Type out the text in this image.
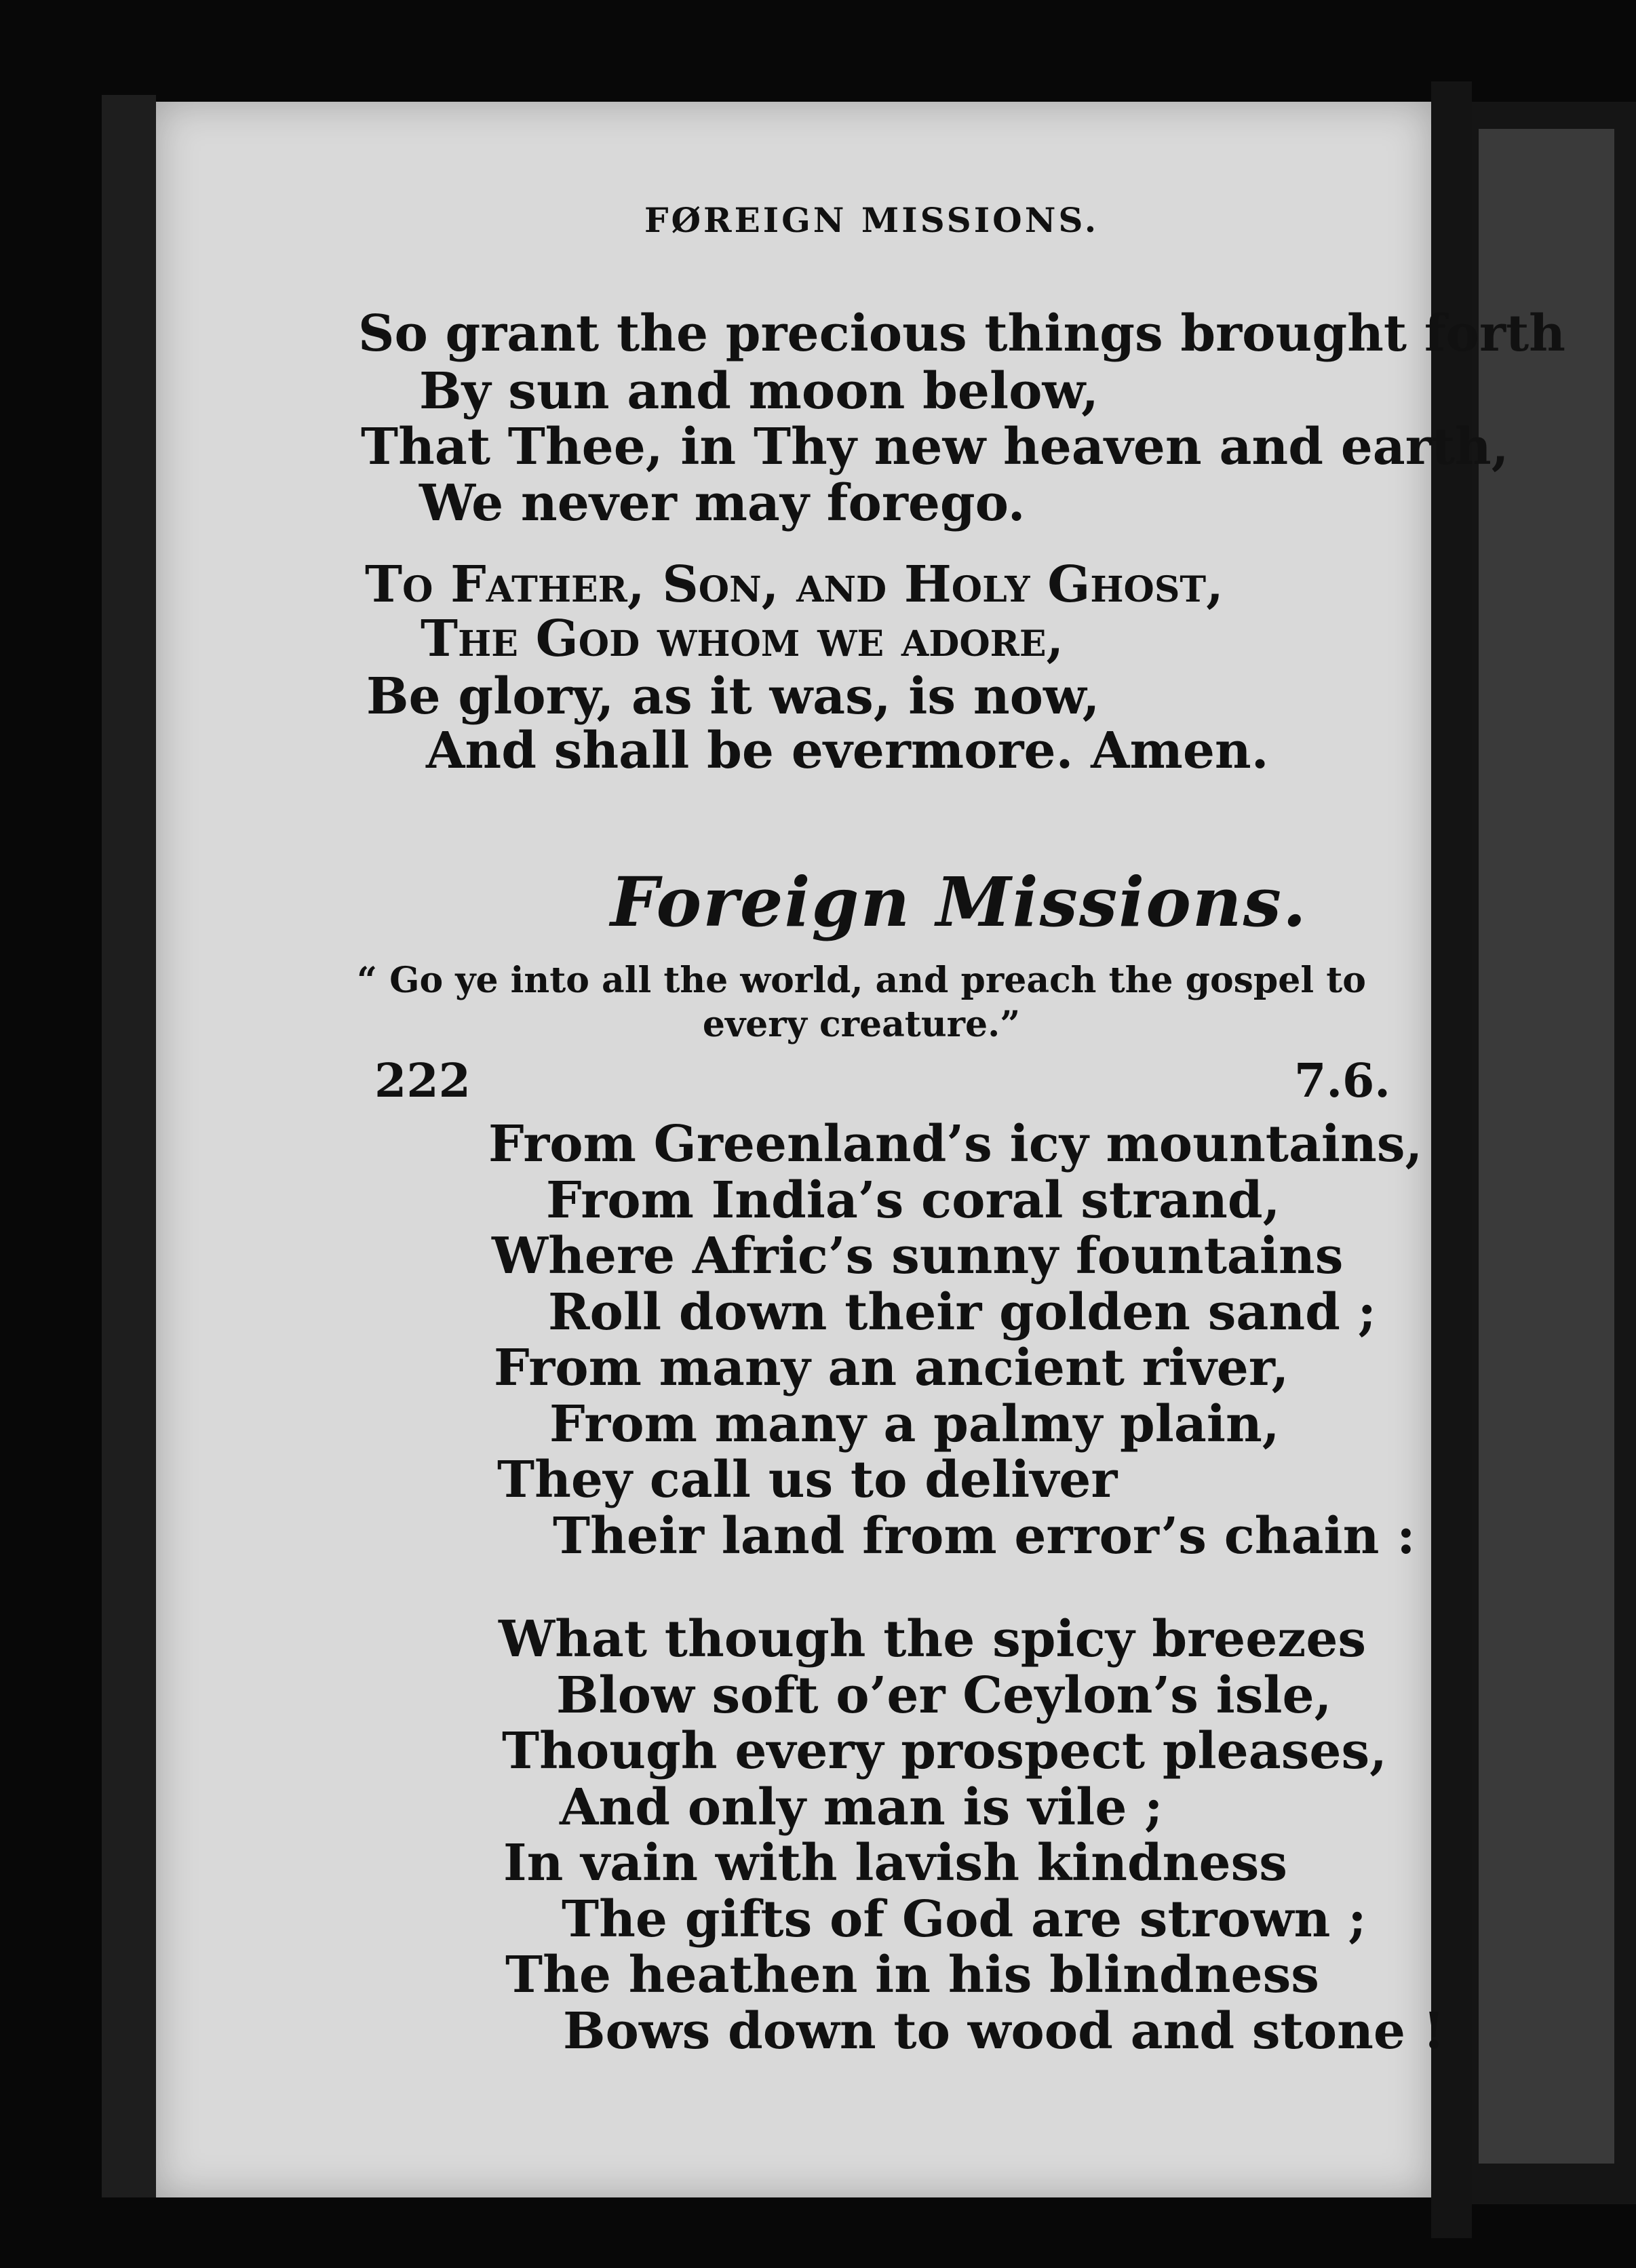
FØREIGN MISSIONS.
So grant the precious things brought forth
By sun and moon below,
That Thee, in Thy new heaven and earth,
We never may forego.
To Father, Son, and Holy Ghost,
The God whom we adore,
Be glory, as it was, is now,
And shall be evermore. Amen.
Foreign Missions.
“ Go ye into all the world, and preach the gospel to
every creature.”
222	7.6.
From Greenland’s icy mountains,
From India’s coral strand,
Where Afric’s sunny fountains
Roll down their golden sand ;
From many an ancient river,
From many a palmy plain,
They call us to deliver
Their land from error’s chain :
What though the spicy breezes
Blow soft o’er Ceylon’s isle,
Though every prospect pleases,
And only man is vile ;
In vain with lavish kindness
The gifts of God are strown ;
The heathen in his blindness
Bows down to wood and stone !
